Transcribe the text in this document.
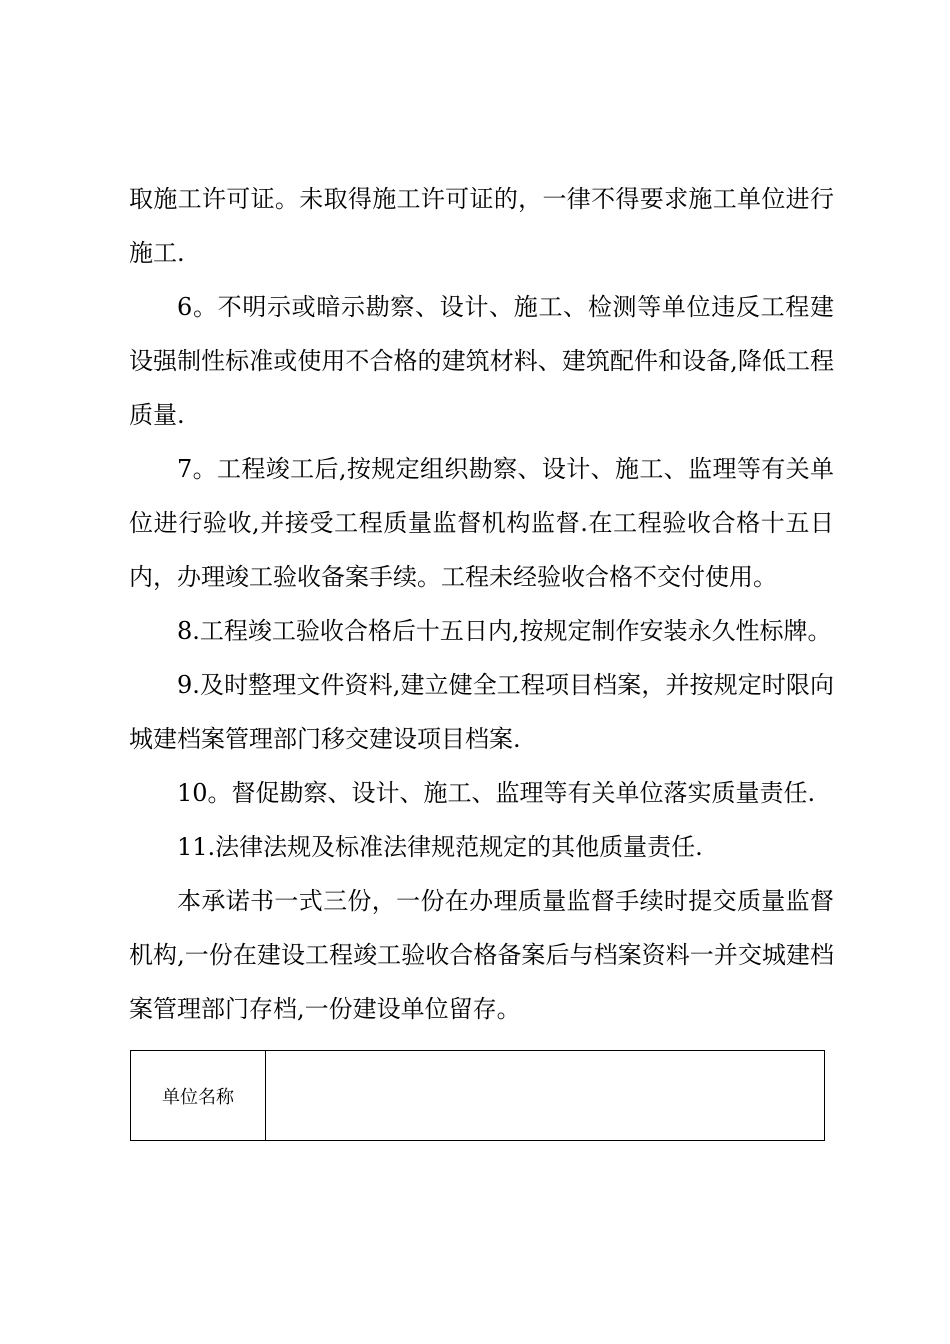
取施工许可证。未取得施工许可证的，一律不得要求施工单位进行施工.

6。不明示或暗示勘察、设计、施工、检测等单位违反工程建设强制性标准或使用不合格的建筑材料、建筑配件和设备,降低工程质量.

7。工程竣工后,按规定组织勘察、设计、施工、监理等有关单位进行验收,并接受工程质量监督机构监督.在工程验收合格十五日内，办理竣工验收备案手续。工程未经验收合格不交付使用。

8.工程竣工验收合格后十五日内,按规定制作安装永久性标牌。

9.及时整理文件资料,建立健全工程项目档案，并按规定时限向城建档案管理部门移交建设项目档案.

10。督促勘察、设计、施工、监理等有关单位落实质量责任.

11.法律法规及标准法律规范规定的其他质量责任.

本承诺书一式三份，一份在办理质量监督手续时提交质量监督机构,一份在建设工程竣工验收合格备案后与档案资料一并交城建档案管理部门存档,一份建设单位留存。

单位名称	
